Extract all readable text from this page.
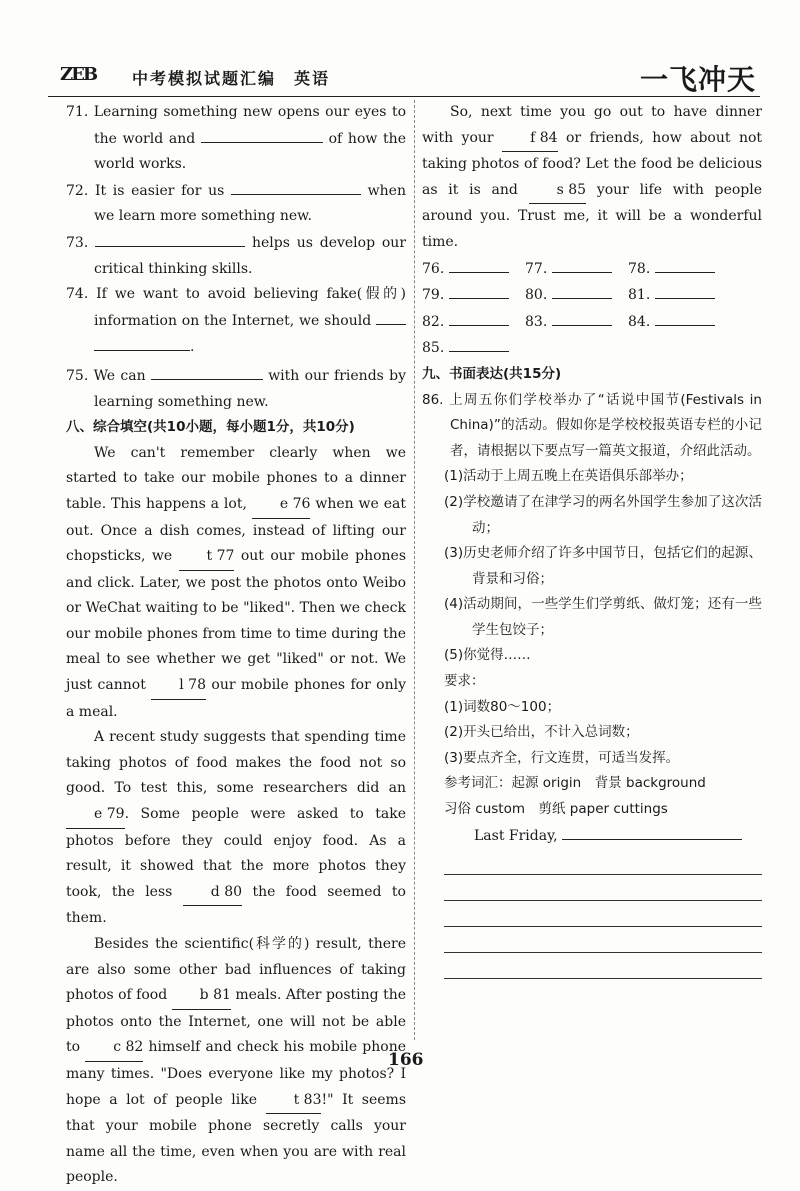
ZEB 中考模拟试题汇编　英语	一飞冲天

71. Learning something new opens our eyes to the world and	of how the world works.

72. It is easier for us	when we learn more something new.

73.	helps us develop our critical thinking skills.

74. If we want to avoid believing fake(假的) information on the Internet, we should  .

75. We can	with our friends by learning something new.

八、综合填空(共10小题，每小题1分，共10分)

We can't remember clearly when we started to take our mobile phones to a dinner table. This happens a lot, e 76 when we eat out. Once a dish comes, instead of lifting our chopsticks, we t 77 out our mobile phones and click. Later, we post the photos onto Weibo or WeChat waiting to be "liked". Then we check our mobile phones from time to time during the meal to see whether we get "liked" or not. We just cannot l 78 our mobile phones for only a meal.

A recent study suggests that spending time taking photos of food makes the food not so good. To test this, some researchers did an e 79. Some people were asked to take photos before they could enjoy food. As a result, it showed that the more photos they took, the less	d 80 the food seemed to them.

Besides the scientific(科学的) result, there are also some other bad influences of taking photos of food b 81 meals. After posting the photos onto the Internet, one will not be able to c 82 himself and check his mobile phone many times. "Does everyone like my photos? I hope a lot of people like	t 83!" It seems that your mobile phone secretly calls your name all the time, even when you are with real people.

So, next time you go out to have dinner with your	f 84 or friends, how about not taking photos of food? Let the food be delicious as it is and	s 85 your life with people around you. Trust me, it will be a wonderful time.

76.	77.	78.
79.	80.	81.
82.	83.	84.
85.

九、书面表达(共15分)

86. 上周五你们学校举办了“话说中国节(Festivals in China)”的活动。假如你是学校校报英语专栏的小记者，请根据以下要点写一篇英文报道，介绍此活动。

(1)活动于上周五晚上在英语俱乐部举办；

(2)学校邀请了在津学习的两名外国学生参加了这次活动；

(3)历史老师介绍了许多中国节日，包括它们的起源、背景和习俗；

(4)活动期间，一些学生们学剪纸、做灯笼；还有一些学生包饺子；

(5)你觉得……

要求：

(1)词数80～100；

(2)开头已给出，不计入总词数；

(3)要点齐全，行文连贯，可适当发挥。

参考词汇：起源 origin　背景 background

习俗 custom　剪纸 paper cuttings

Last Friday,

166
